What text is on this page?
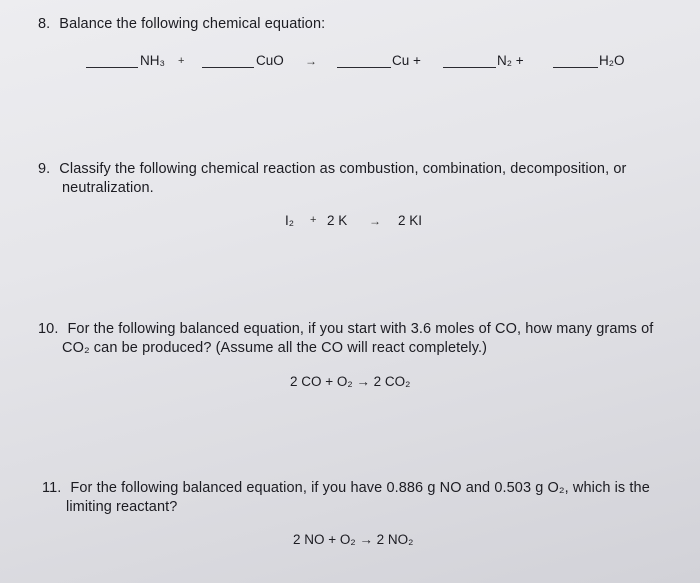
8. Balance the following chemical equation:
NH₃ +	CuO →	Cu +	N₂ +	H₂O
9. Classify the following chemical reaction as combustion, combination, decomposition, or
neutralization.
I₂ + 2 K → 2 KI
10. For the following balanced equation, if you start with 3.6 moles of CO, how many grams of
CO₂ can be produced? (Assume all the CO will react completely.)
2 CO + O₂ → 2 CO₂
11. For the following balanced equation, if you have 0.886 g NO and 0.503 g O₂, which is the
limiting reactant?
2 NO + O₂ → 2 NO₂
